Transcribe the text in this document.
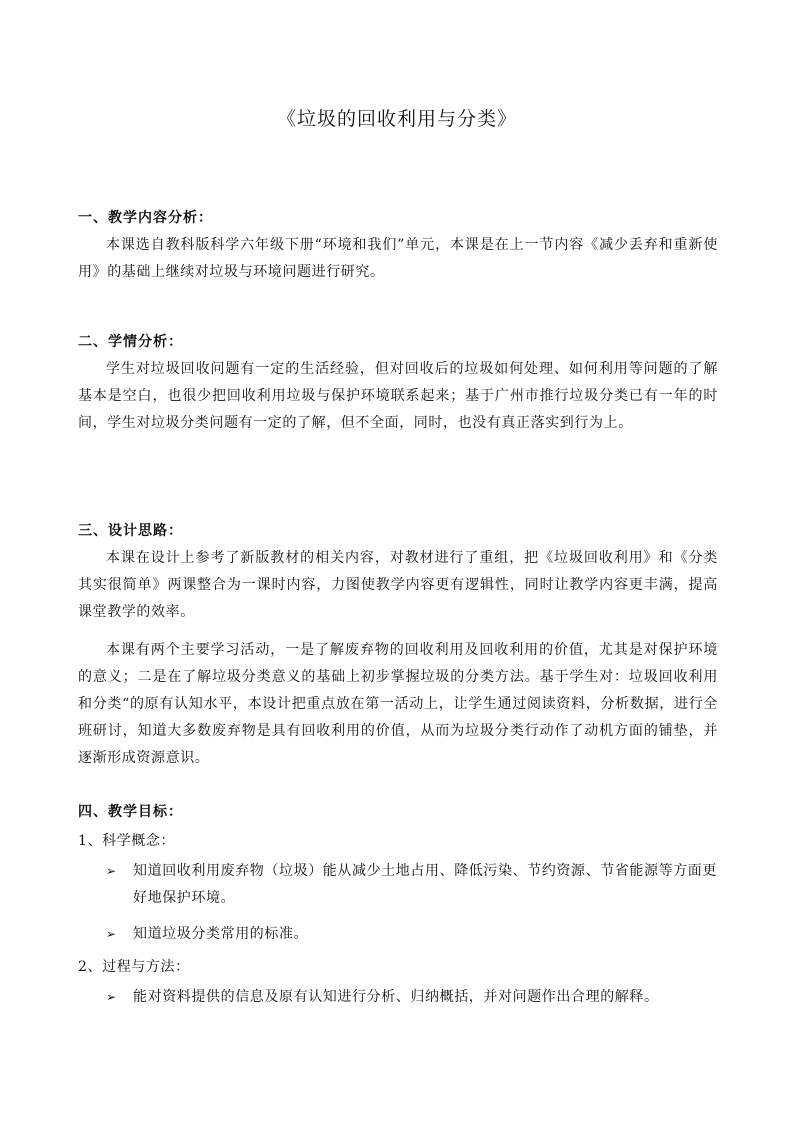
《垃圾的回收利用与分类》
一、教学内容分析：
本课选自教科版科学六年级下册“环境和我们”单元，本课是在上一节内容《减少丢弃和重新使用》的基础上继续对垃圾与环境问题进行研究。
二、学情分析：
学生对垃圾回收问题有一定的生活经验，但对回收后的垃圾如何处理、如何利用等问题的了解基本是空白，也很少把回收利用垃圾与保护环境联系起来；基于广州市推行垃圾分类已有一年的时间，学生对垃圾分类问题有一定的了解，但不全面，同时，也没有真正落实到行为上。
三、设计思路：
本课在设计上参考了新版教材的相关内容，对教材进行了重组，把《垃圾回收利用》和《分类其实很简单》两课整合为一课时内容，力图使教学内容更有逻辑性，同时让教学内容更丰满，提高课堂教学的效率。
本课有两个主要学习活动，一是了解废弃物的回收利用及回收利用的价值，尤其是对保护环境的意义；二是在了解垃圾分类意义的基础上初步掌握垃圾的分类方法。基于学生对：垃圾回收利用和分类“的原有认知水平，本设计把重点放在第一活动上，让学生通过阅读资料，分析数据，进行全班研讨，知道大多数废弃物是具有回收利用的价值，从而为垃圾分类行动作了动机方面的铺垫，并逐渐形成资源意识。
四、教学目标：
1、科学概念：
➢ 知道回收利用废弃物（垃圾）能从减少土地占用、降低污染、节约资源、节省能源等方面更好地保护环境。
➢ 知道垃圾分类常用的标准。
2、过程与方法：
➢ 能对资料提供的信息及原有认知进行分析、归纳概括，并对问题作出合理的解释。
